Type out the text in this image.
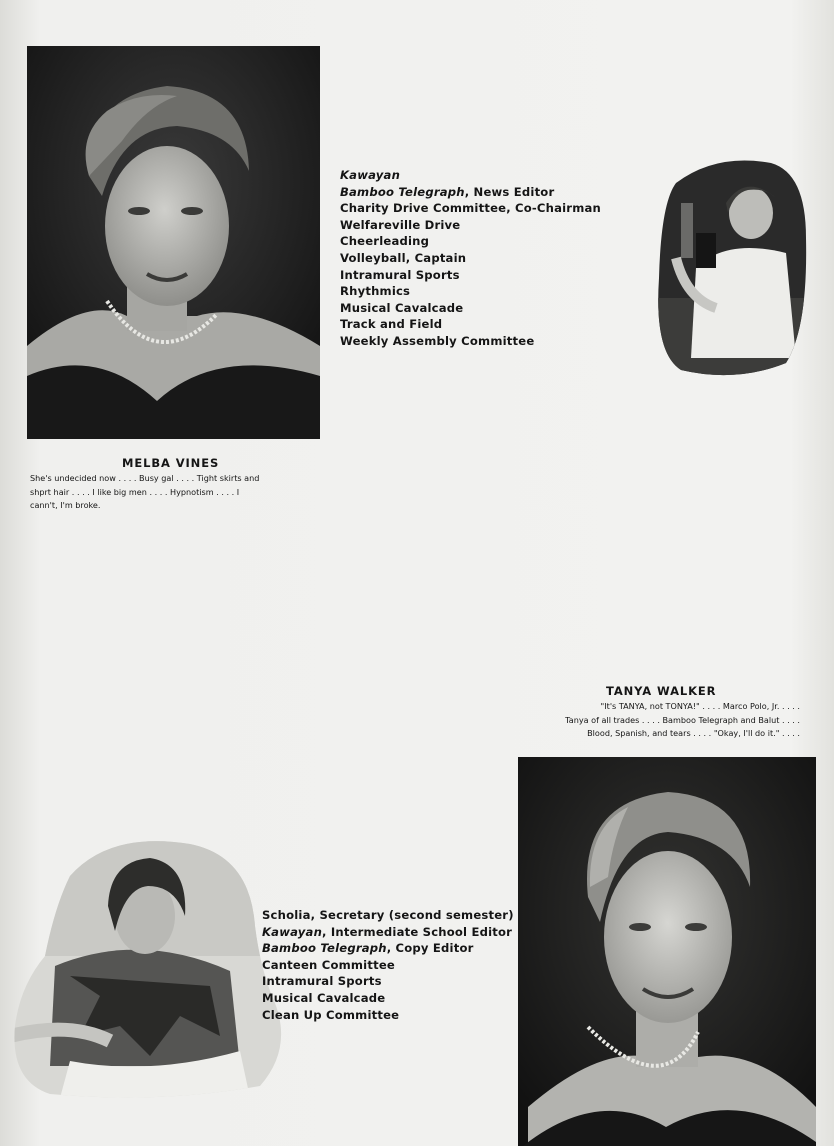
Kawayan
Bamboo Telegraph, News Editor
Charity Drive Committee, Co-Chairman
Welfareville Drive
Cheerleading
Volleyball, Captain
Intramural Sports
Rhythmics
Musical Cavalcade
Track and Field
Weekly Assembly Committee
MELBA VINES
She's undecided now . . . . Busy gal . . . . Tight skirts and
shprt hair . . . . I like big men . . . . Hypnotism . . . . I
cann't, I'm broke.
TANYA WALKER
"It's TANYA, not TONYA!" . . . . Marco Polo, Jr. . . . .
Tanya of all trades . . . . Bamboo Telegraph and Balut . . . .
Blood, Spanish, and tears . . . . "Okay, I'll do it." . . . .
Scholia, Secretary (second semester)
Kawayan, Intermediate School Editor
Bamboo Telegraph, Copy Editor
Canteen Committee
Intramural Sports
Musical Cavalcade
Clean Up Committee
